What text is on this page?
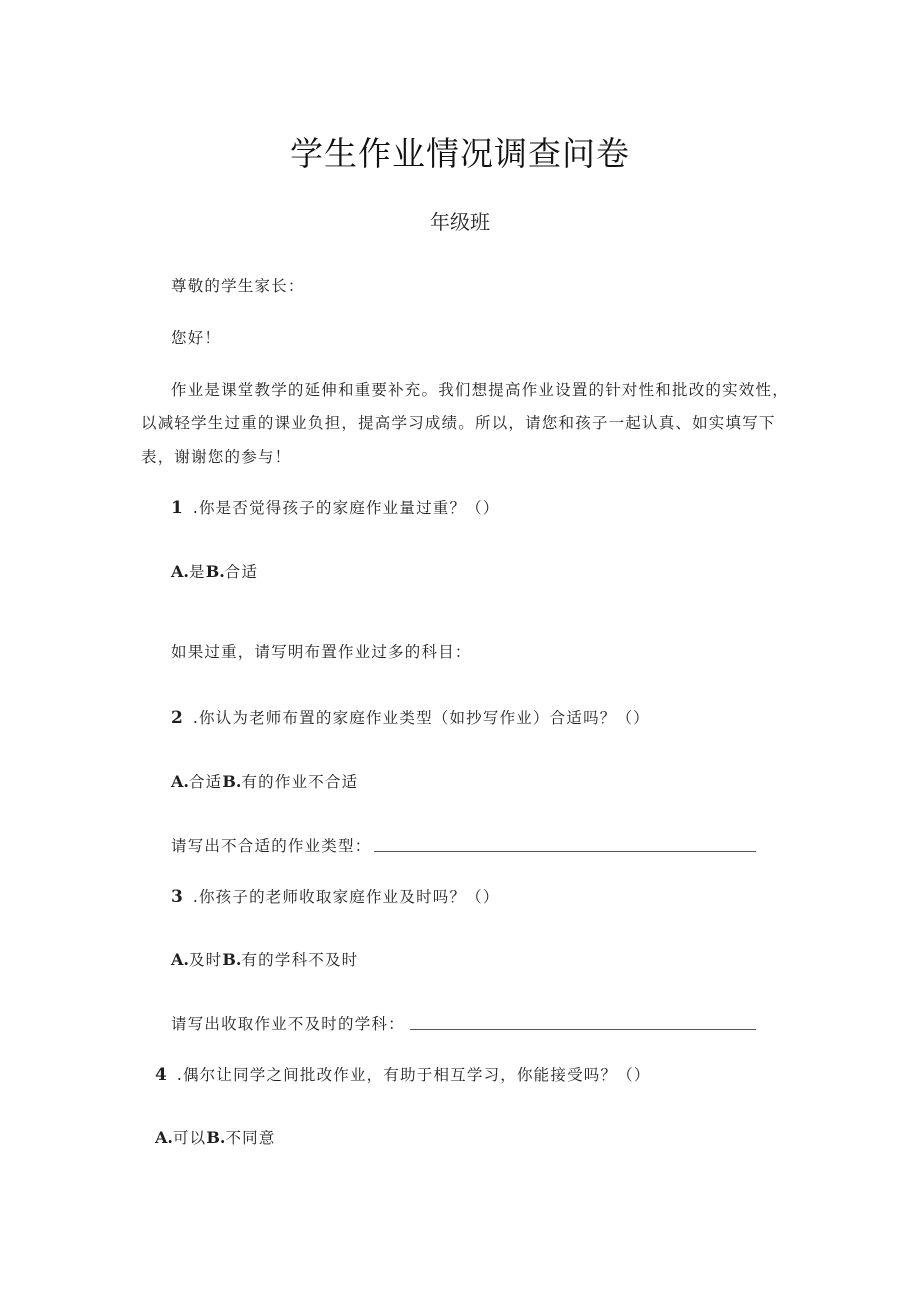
学生作业情况调查问卷
年级班
尊敬的学生家长：
您好！
作业是课堂教学的延伸和重要补充。我们想提高作业设置的针对性和批改的实效性，
以减轻学生过重的课业负担，提高学习成绩。所以，请您和孩子一起认真、如实填写下
表，谢谢您的参与！
1 .你是否觉得孩子的家庭作业量过重？（）
A.是B.合适
如果过重，请写明布置作业过多的科目：
2 .你认为老师布置的家庭作业类型（如抄写作业）合适吗？（）
A.合适B.有的作业不合适
请写出不合适的作业类型：
3 .你孩子的老师收取家庭作业及时吗？（）
A.及时B.有的学科不及时
请写出收取作业不及时的学科：
4 .偶尔让同学之间批改作业，有助于相互学习，你能接受吗？（）
A.可以B.不同意
